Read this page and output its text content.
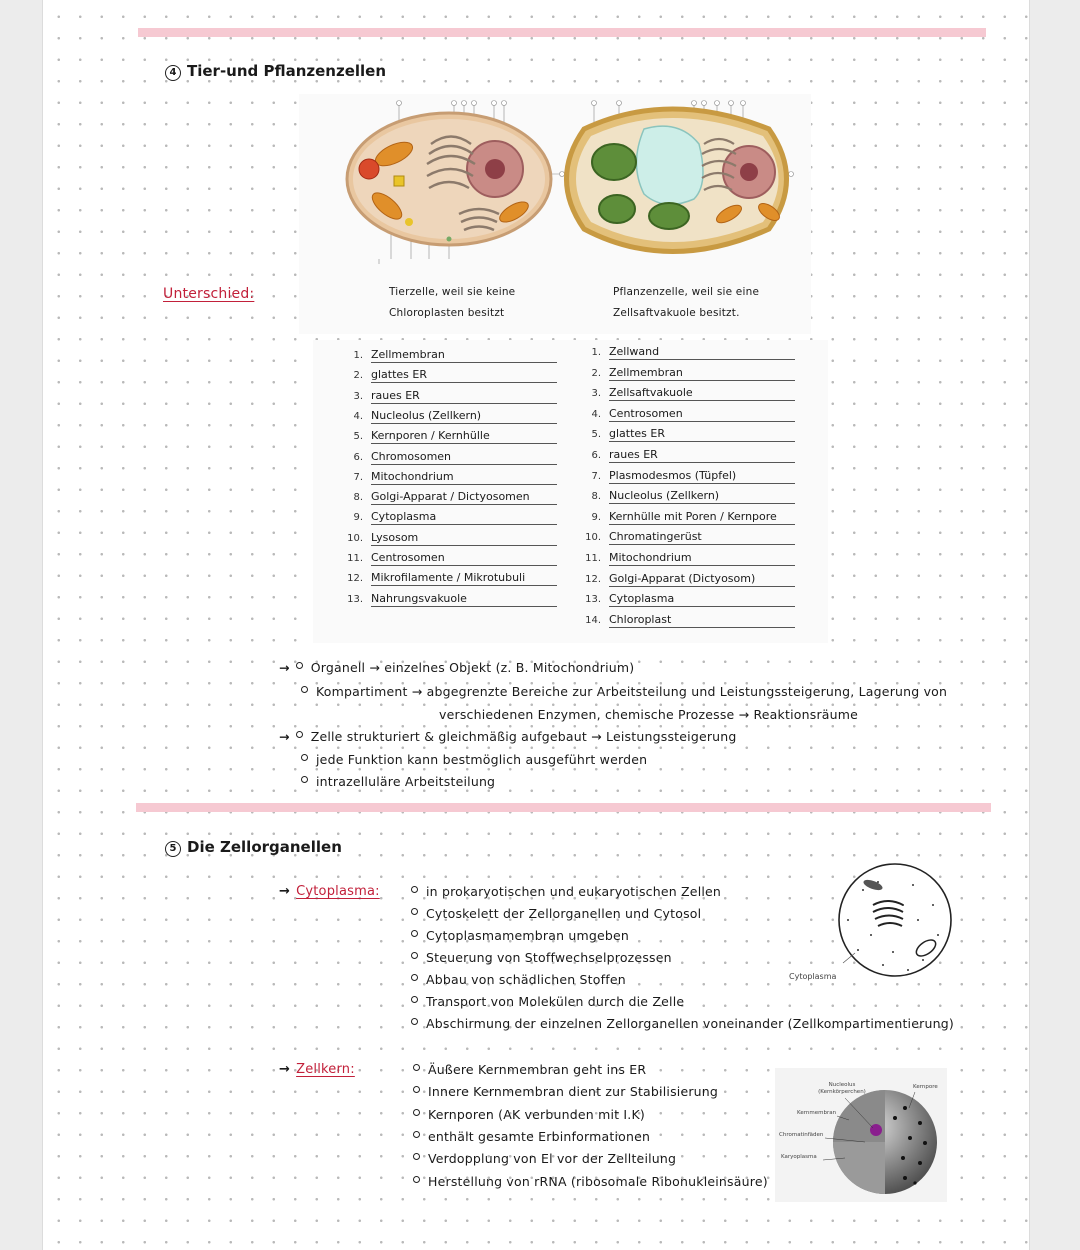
4 Tier-und Pflanzenzellen
Tierzelle, weil sie keine Chloroplasten besitzt
Pflanzenzelle, weil sie eine Zellsaftvakuole besitzt.
Unterschied:
1. Zellmembran
2. glattes ER
3. raues ER
4. Nucleolus (Zellkern)
5. Kernporen / Kernhülle
6. Chromosomen
7. Mitochondrium
8. Golgi-Apparat / Dictyosomen
9. Cytoplasma
10. Lysosom
11. Centrosomen
12. Mikrofilamente / Mikrotubuli
13. Nahrungsvakuole
1. Zellwand
2. Zellmembran
3. Zellsaftvakuole
4. Centrosomen
5. glattes ER
6. raues ER
7. Plasmodesmos (Tüpfel)
8. Nucleolus (Zellkern)
9. Kernhülle mit Poren / Kernpore
10. Chromatingerüst
11. Mitochondrium
12. Golgi-Apparat (Dictyosom)
13. Cytoplasma
14. Chloroplast
→ Organell → einzelnes Objekt (z. B. Mitochondrium)
Kompartiment → abgegrenzte Bereiche zur Arbeitsteilung und Leistungssteigerung, Lagerung von
verschiedenen Enzymen, chemische Prozesse → Reaktionsräume
→ Zelle strukturiert & gleichmäßig aufgebaut → Leistungssteigerung
jede Funktion kann bestmöglich ausgeführt werden
intrazelluläre Arbeitsteilung
5 Die Zellorganellen
→ Cytoplasma:	in prokaryotischen und eukaryotischen Zellen
Cytoskelett der Zellorganellen und Cytosol
Cytoplasmamembran umgeben
Steuerung von Stoffwechselprozessen
Abbau von schädlichen Stoffen
Transport von Molekülen durch die Zelle
Abschirmung der einzelnen Zellorganellen voneinander (Zellkompartimentierung)
Cytoplasma
→ Zellkern:	Äußere Kernmembran geht ins ER
Innere Kernmembran dient zur Stabilisierung
Kernporen (AK verbunden mit I.K)
enthält gesamte Erbinformationen
Verdopplung von El vor der Zellteilung
Herstellung von rRNA (ribosomale Ribonukleinsäure)
Nucleolus (Kernkörperchen)
Kernpore
Kernmembran
Chromatinfäden
Karyoplasma
